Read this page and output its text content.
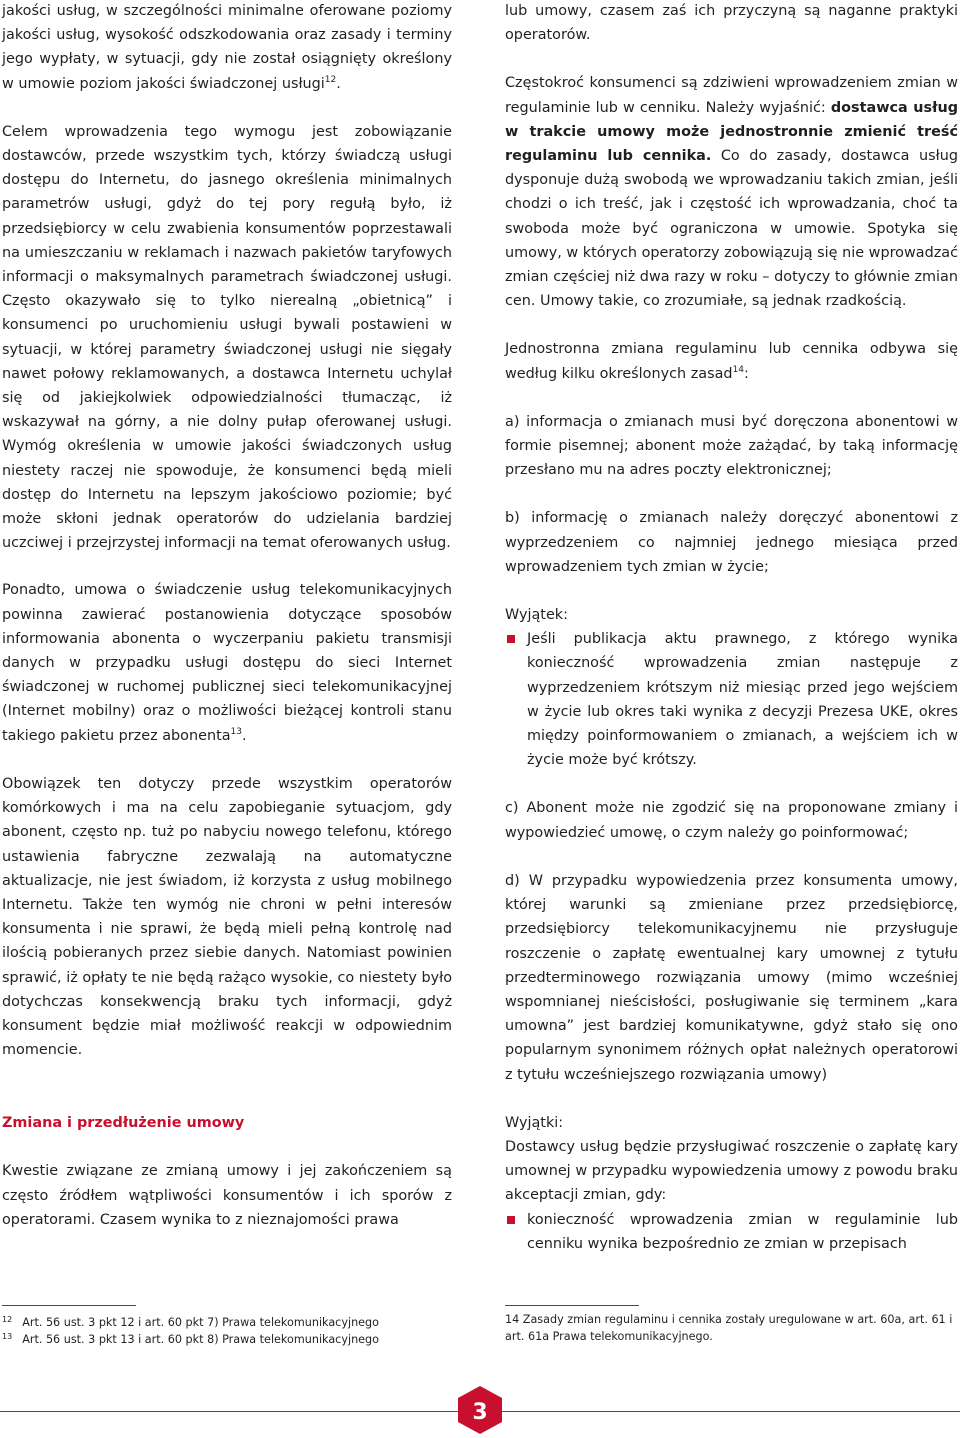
jakości usług, w szczególności minimalne oferowane poziomy jakości usług, wysokość odszkodowania oraz zasady i terminy jego wypłaty, w sytuacji, gdy nie został osiągnięty określony w umowie poziom jakości świadczonej usługi$^{12}$.

Celem wprowadzenia tego wymogu jest zobowiązanie dostawców, przede wszystkim tych, którzy świadczą usługi dostępu do Internetu, do jasnego określenia minimalnych parametrów usługi, gdyż do tej pory regułą było, iż przedsiębiorcy w celu zwabienia konsumentów poprzestawali na umieszczaniu w reklamach i nazwach pakietów taryfowych informacji o maksymalnych parametrach świadczonej usługi. Często okazywało się to tylko nierealną „obietnicą” i konsumenci po uruchomieniu usługi bywali postawieni w sytuacji, w której parametry świadczonej usługi nie sięgały nawet połowy reklamowanych, a dostawca Internetu uchylał się od jakiejkolwiek odpowiedzialności tłumacząc, iż wskazywał na górny, a nie dolny pułap oferowanej usługi. Wymóg określenia w umowie jakości świadczonych usług niestety raczej nie spowoduje, że konsumenci będą mieli dostęp do Internetu na lepszym jakościowo poziomie; być może skłoni jednak operatorów do udzielania bardziej uczciwej i przejrzystej informacji na temat oferowanych usług.

Ponadto, umowa o świadczenie usług telekomunikacyjnych powinna zawierać postanowienia dotyczące sposobów informowania abonenta o wyczerpaniu pakietu transmisji danych w przypadku usługi dostępu do sieci Internet świadczonej w ruchomej publicznej sieci telekomunikacyjnej (Internet mobilny) oraz o możliwości bieżącej kontroli stanu takiego pakietu przez abonenta$^{13}$.

Obowiązek ten dotyczy przede wszystkim operatorów komórkowych i ma na celu zapobieganie sytuacjom, gdy abonent, często np. tuż po nabyciu nowego telefonu, którego ustawienia fabryczne zezwalają na automatyczne aktualizacje, nie jest świadom, iż korzysta z usług mobilnego Internetu. Także ten wymóg nie chroni w pełni interesów konsumenta i nie sprawi, że będą mieli pełną kontrolę nad ilością pobieranych przez siebie danych. Natomiast powinien sprawić, iż opłaty te nie będą rażąco wysokie, co niestety było dotychczas konsekwencją braku tych informacji, gdyż konsument będzie miał możliwość reakcji w odpowiednim momencie.

Zmiana i przedłużenie umowy

Kwestie związane ze zmianą umowy i jej zakończeniem są często źródłem wątpliwości konsumentów i ich sporów z operatorami. Czasem wynika to z nieznajomości prawa

lub umowy, czasem zaś ich przyczyną są naganne praktyki operatorów.

Częstokroć konsumenci są zdziwieni wprowadzeniem zmian w regulaminie lub w cenniku. Należy wyjaśnić: dostawca usług w trakcie umowy może jednostronnie zmienić treść regulaminu lub cennika. Co do zasady, dostawca usług dysponuje dużą swobodą we wprowadzaniu takich zmian, jeśli chodzi o ich treść, jak i częstość ich wprowadzania, choć ta swoboda może być ograniczona w umowie. Spotyka się umowy, w których operatorzy zobowiązują się nie wprowadzać zmian częściej niż dwa razy w roku – dotyczy to głównie zmian cen. Umowy takie, co zrozumiałe, są jednak rzadkością.

Jednostronna zmiana regulaminu lub cennika odbywa się według kilku określonych zasad$^{14}$:

a) informacja o zmianach musi być doręczona abonentowi w formie pisemnej; abonent może zażądać, by taką informację przesłano mu na adres poczty elektronicznej;

b) informację o zmianach należy doręczyć abonentowi z wyprzedzeniem co najmniej jednego miesiąca przed wprowadzeniem tych zmian w życie;

Wyjątek:

Jeśli publikacja aktu prawnego, z którego wynika konieczność wprowadzenia zmian następuje z wyprzedzeniem krótszym niż miesiąc przed jego wejściem w życie lub okres taki wynika z decyzji Prezesa UKE, okres między poinformowaniem o zmianach, a wejściem ich w życie może być krótszy.

c) Abonent może nie zgodzić się na proponowane zmiany i wypowiedzieć umowę, o czym należy go poinformować;

d) W przypadku wypowiedzenia przez konsumenta umowy, której warunki są zmieniane przez przedsiębiorcę, przedsiębiorcy telekomunikacyjnemu nie przysługuje roszczenie o zapłatę ewentualnej kary umownej z tytułu przedterminowego rozwiązania umowy (mimo wcześniej wspomnianej nieścisłości, posługiwanie się terminem „kara umowna” jest bardziej komunikatywne, gdyż stało się ono popularnym synonimem różnych opłat należnych operatorowi z tytułu wcześniejszego rozwiązania umowy)

Wyjątki:

Dostawcy usług będzie przysługiwać roszczenie o zapłatę kary umownej w przypadku wypowiedzenia umowy z powodu braku akceptacji zmian, gdy:

konieczność wprowadzenia zmian w regulaminie lub cenniku wynika bezpośrednio ze zmian w przepisach
$^{12}$ Art. 56 ust. 3 pkt 12 i art. 60 pkt 7) Prawa telekomunikacyjnego
$^{13}$ Art. 56 ust. 3 pkt 13 i art. 60 pkt 8) Prawa telekomunikacyjnego
14 Zasady zmian regulaminu i cennika zostały uregulowane w art. 60a, art. 61 i art. 61a Prawa telekomunikacyjnego.
3
